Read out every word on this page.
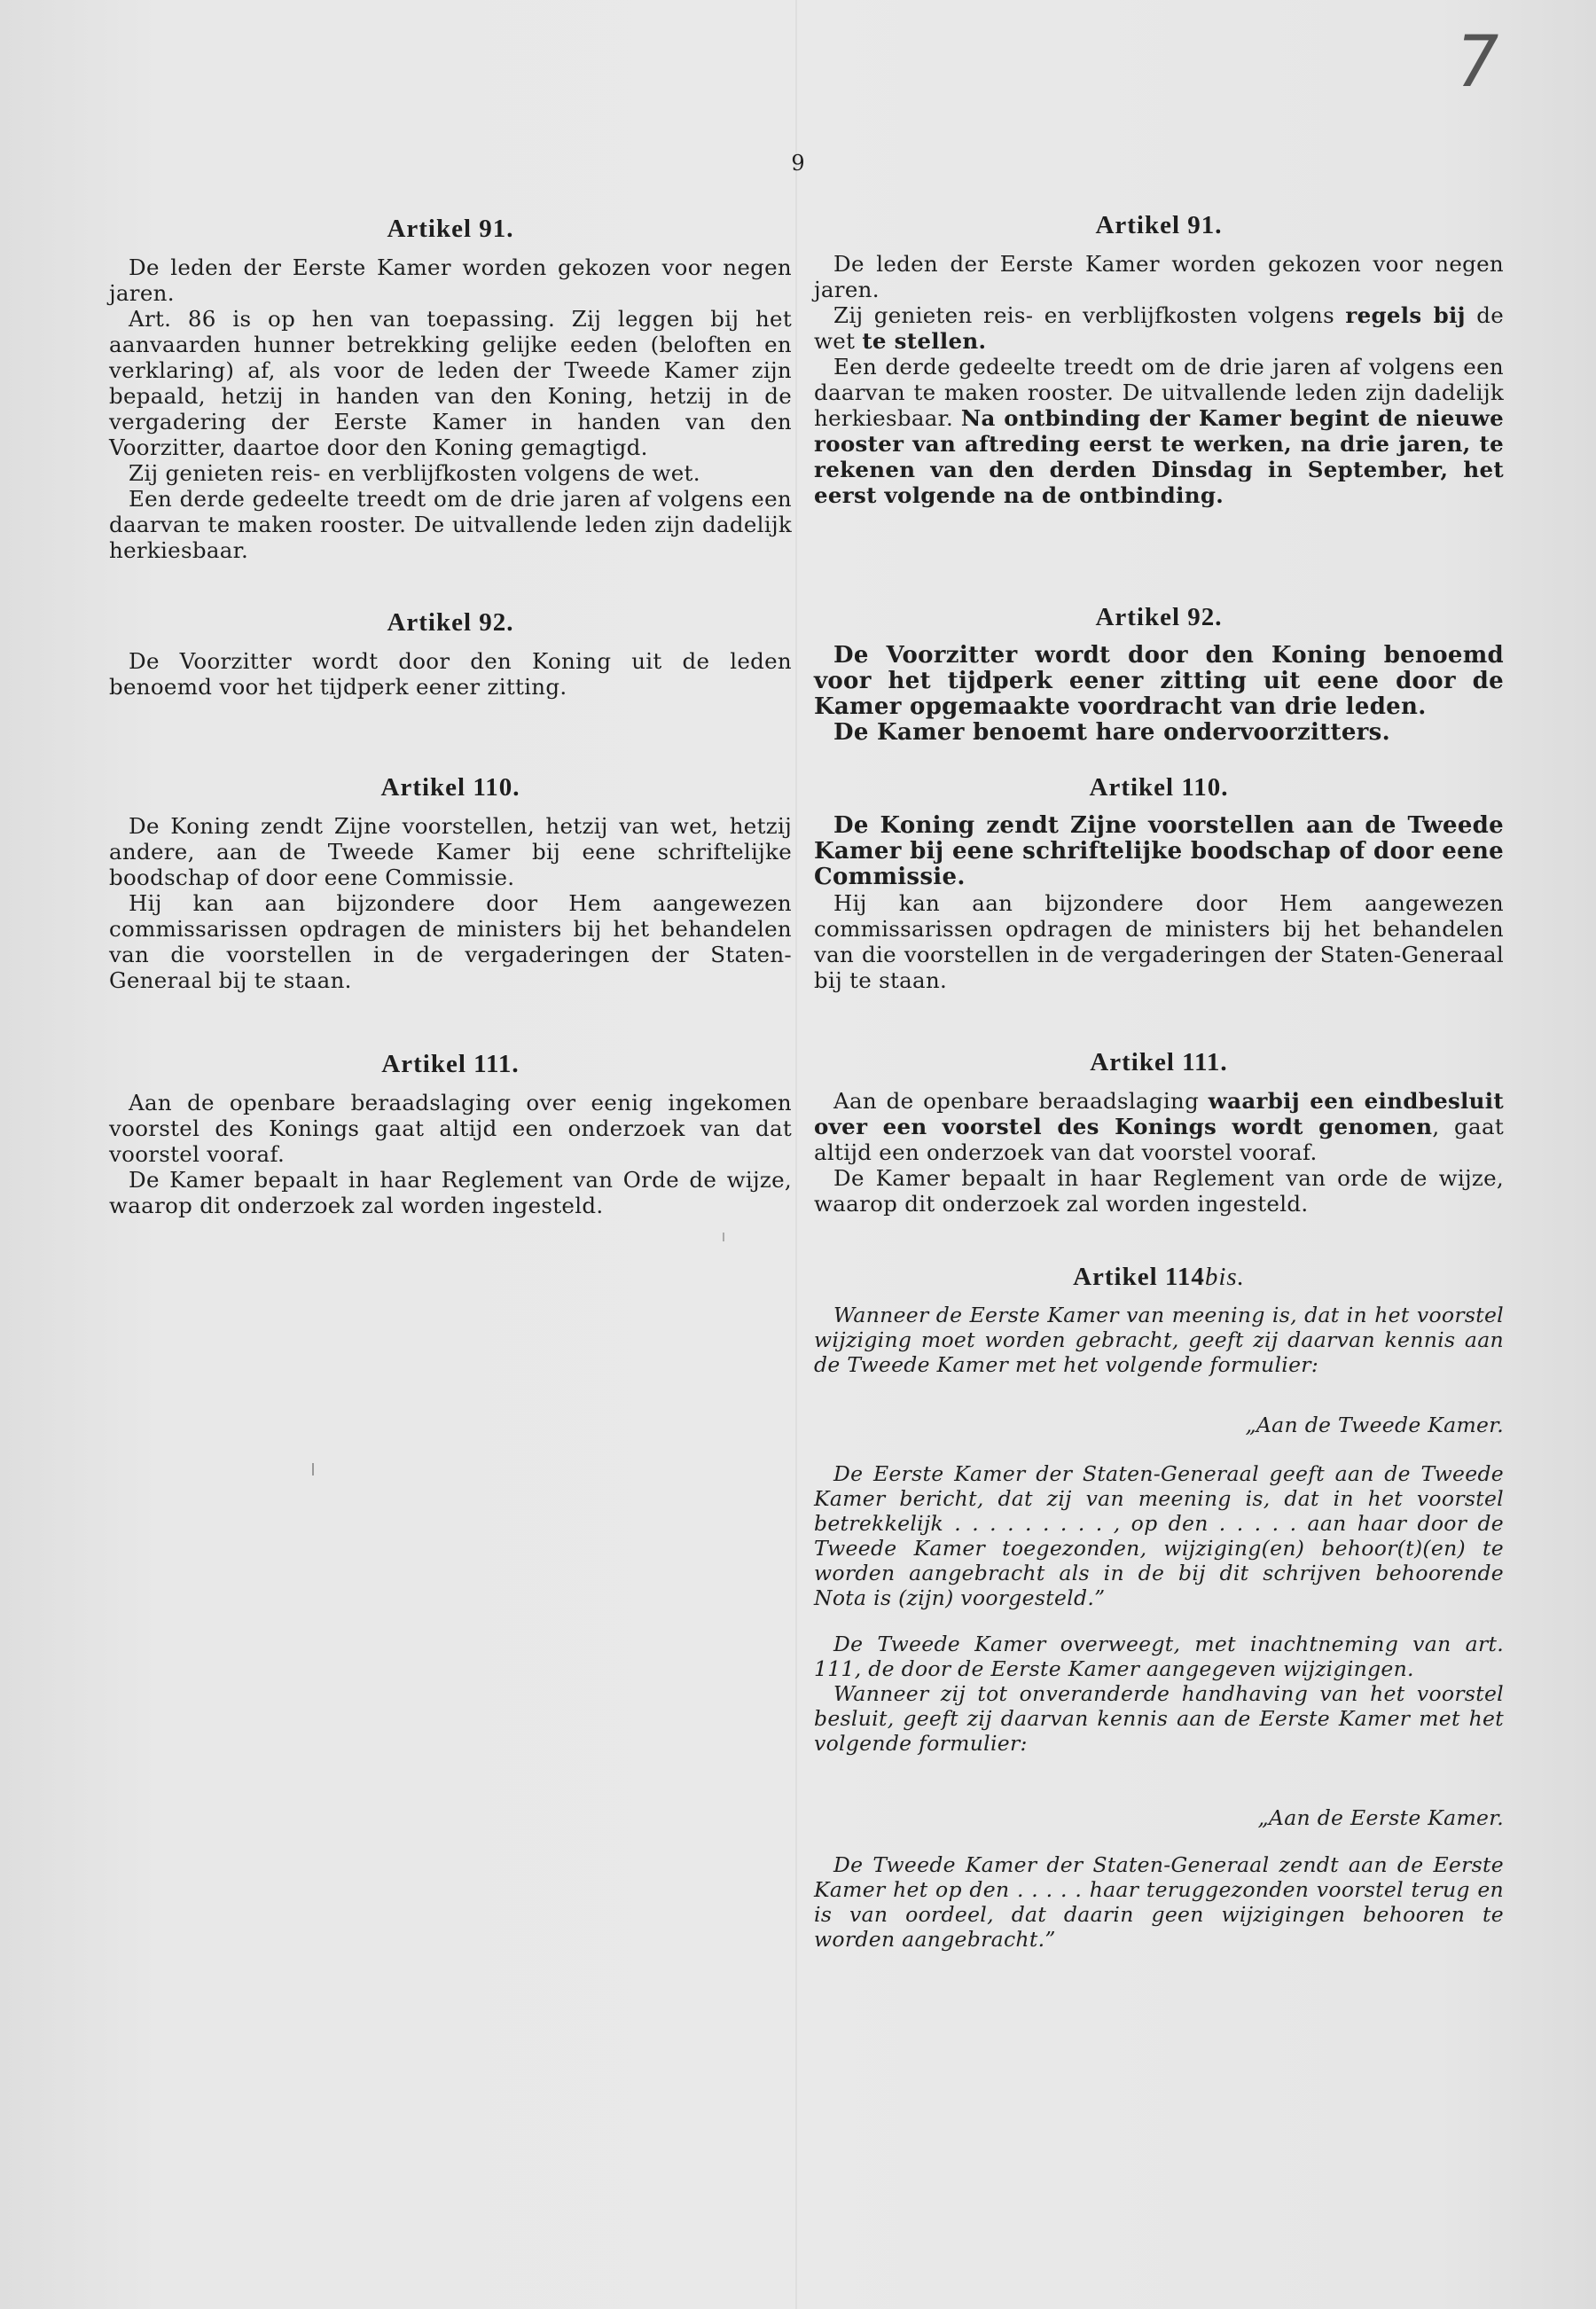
9
7
Artikel 91.

De leden der Eerste Kamer worden gekozen voor negen jaren.

Art. 86 is op hen van toepassing. Zij leggen bij het aanvaarden hunner betrekking gelijke eeden (beloften en verklaring) af, als voor de leden der Tweede Kamer zijn bepaald, hetzij in handen van den Koning, hetzij in de vergadering der Eerste Kamer in handen van den Voorzitter, daartoe door den Koning gemagtigd.

Zij genieten reis- en verblijfkosten volgens de wet.

Een derde gedeelte treedt om de drie jaren af volgens een daarvan te maken rooster. De uitvallende leden zijn dadelijk herkiesbaar.

Artikel 92.

De Voorzitter wordt door den Koning uit de leden benoemd voor het tijdperk eener zitting.

Artikel 110.

De Koning zendt Zijne voorstellen, hetzij van wet, hetzij andere, aan de Tweede Kamer bij eene schriftelijke boodschap of door eene Commissie.

Hij kan aan bijzondere door Hem aangewezen commissarissen opdragen de ministers bij het behandelen van die voorstellen in de vergaderingen der Staten-Generaal bij te staan.

Artikel 111.

Aan de openbare beraadslaging over eenig ingekomen voorstel des Konings gaat altijd een onderzoek van dat voorstel vooraf.

De Kamer bepaalt in haar Reglement van Orde de wijze, waarop dit onderzoek zal worden ingesteld.

Artikel 91.

De leden der Eerste Kamer worden gekozen voor negen jaren.

Zij genieten reis- en verblijfkosten volgens regels bij de wet te stellen.

Een derde gedeelte treedt om de drie jaren af volgens een daarvan te maken rooster. De uitvallende leden zijn dadelijk herkiesbaar. Na ontbinding der Kamer begint de nieuwe rooster van aftreding eerst te werken, na drie jaren, te rekenen van den derden Dinsdag in September, het eerst volgende na de ontbinding.

Artikel 92.

De Voorzitter wordt door den Koning benoemd voor het tijdperk eener zitting uit eene door de Kamer opgemaakte voordracht van drie leden.

De Kamer benoemt hare ondervoorzitters.

Artikel 110.

De Koning zendt Zijne voorstellen aan de Tweede Kamer bij eene schriftelijke boodschap of door eene Commissie.

Hij kan aan bijzondere door Hem aangewezen commissarissen opdragen de ministers bij het behandelen van die voorstellen in de vergaderingen der Staten-Generaal bij te staan.

Artikel 111.

Aan de openbare beraadslaging waarbij een eindbesluit over een voorstel des Konings wordt genomen, gaat altijd een onderzoek van dat voorstel vooraf.

De Kamer bepaalt in haar Reglement van orde de wijze, waarop dit onderzoek zal worden ingesteld.

Artikel 114bis.

Wanneer de Eerste Kamer van meening is, dat in het voorstel wijziging moet worden gebracht, geeft zij daarvan kennis aan de Tweede Kamer met het volgende formulier:

„Aan de Tweede Kamer.

De Eerste Kamer der Staten-Generaal geeft aan de Tweede Kamer bericht, dat zij van meening is, dat in het voorstel betrekkelijk . . . . . . . . . , op den . . . . . aan haar door de Tweede Kamer toegezonden, wijziging(en) behoor(t)(en) te worden aangebracht als in de bij dit schrijven behoorende Nota is (zijn) voorgesteld.”

De Tweede Kamer overweegt, met inachtneming van art. 111, de door de Eerste Kamer aangegeven wijzigingen.

Wanneer zij tot onveranderde handhaving van het voorstel besluit, geeft zij daarvan kennis aan de Eerste Kamer met het volgende formulier:

„Aan de Eerste Kamer.

De Tweede Kamer der Staten-Generaal zendt aan de Eerste Kamer het op den . . . . . haar teruggezonden voorstel terug en is van oordeel, dat daarin geen wijzigingen behooren te worden aangebracht.”
